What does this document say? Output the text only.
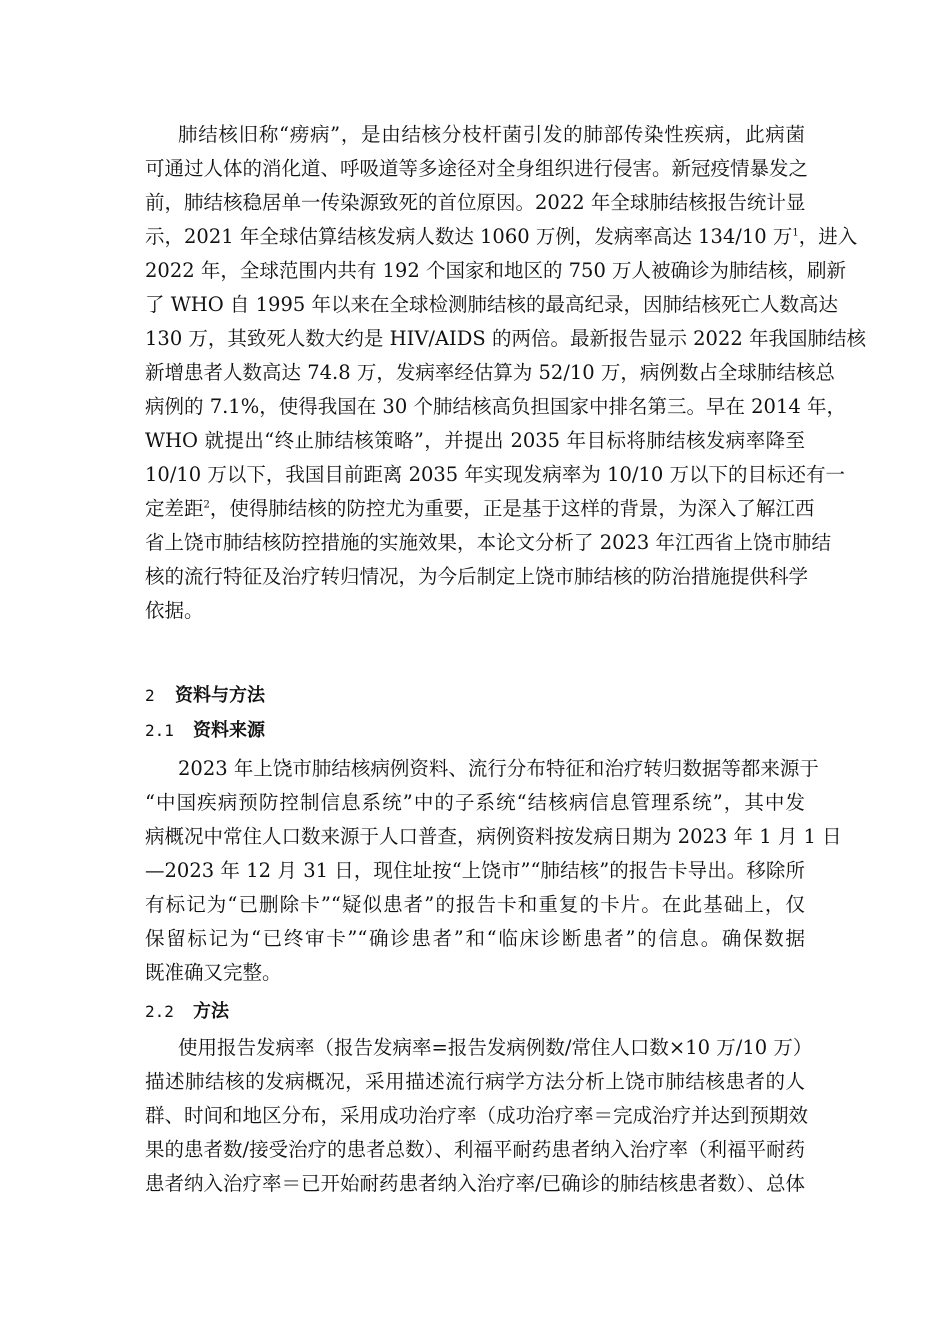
肺结核旧称“痨病”，是由结核分枝杆菌引发的肺部传染性疾病，此病菌
可通过人体的消化道、呼吸道等多途径对全身组织进行侵害。新冠疫情暴发之
前，肺结核稳居单一传染源致死的首位原因。2022 年全球肺结核报告统计显
示，2021 年全球估算结核发病人数达 1060 万例，发病率高达 134/10 万$^1$，进入
2022 年，全球范围内共有 192 个国家和地区的 750 万人被确诊为肺结核，刷新
了 WHO 自 1995 年以来在全球检测肺结核的最高纪录，因肺结核死亡人数高达
130 万，其致死人数大约是 HIV/AIDS 的两倍。最新报告显示 2022 年我国肺结核
新增患者人数高达 74.8 万，发病率经估算为 52/10 万，病例数占全球肺结核总
病例的 7.1%，使得我国在 30 个肺结核高负担国家中排名第三。早在 2014 年，
WHO 就提出“终止肺结核策略”，并提出 2035 年目标将肺结核发病率降至
10/10 万以下，我国目前距离 2035 年实现发病率为 10/10 万以下的目标还有一
定差距$^2$，使得肺结核的防控尤为重要，正是基于这样的背景，为深入了解江西
省上饶市肺结核防控措施的实施效果，本论文分析了 2023 年江西省上饶市肺结
核的流行特征及治疗转归情况，为今后制定上饶市肺结核的防治措施提供科学
依据。
2 资料与方法
2.1 资料来源
2023 年上饶市肺结核病例资料、流行分布特征和治疗转归数据等都来源于
“中国疾病预防控制信息系统”中的子系统“结核病信息管理系统”，其中发
病概况中常住人口数来源于人口普查，病例资料按发病日期为 2023 年 1 月 1 日
—2023 年 12 月 31 日，现住址按“上饶市”“肺结核”的报告卡导出。移除所
有标记为“已删除卡”“疑似患者”的报告卡和重复的卡片。在此基础上，仅
保留标记为“已终审卡”“确诊患者”和“临床诊断患者”的信息。确保数据
既准确又完整。
2.2 方法
使用报告发病率（报告发病率=报告发病例数/常住人口数×10 万/10 万）
描述肺结核的发病概况，采用描述流行病学方法分析上饶市肺结核患者的人
群、时间和地区分布，采用成功治疗率（成功治疗率＝完成治疗并达到预期效
果的患者数/接受治疗的患者总数）、利福平耐药患者纳入治疗率（利福平耐药
患者纳入治疗率＝已开始耐药患者纳入治疗率/已确诊的肺结核患者数）、总体
